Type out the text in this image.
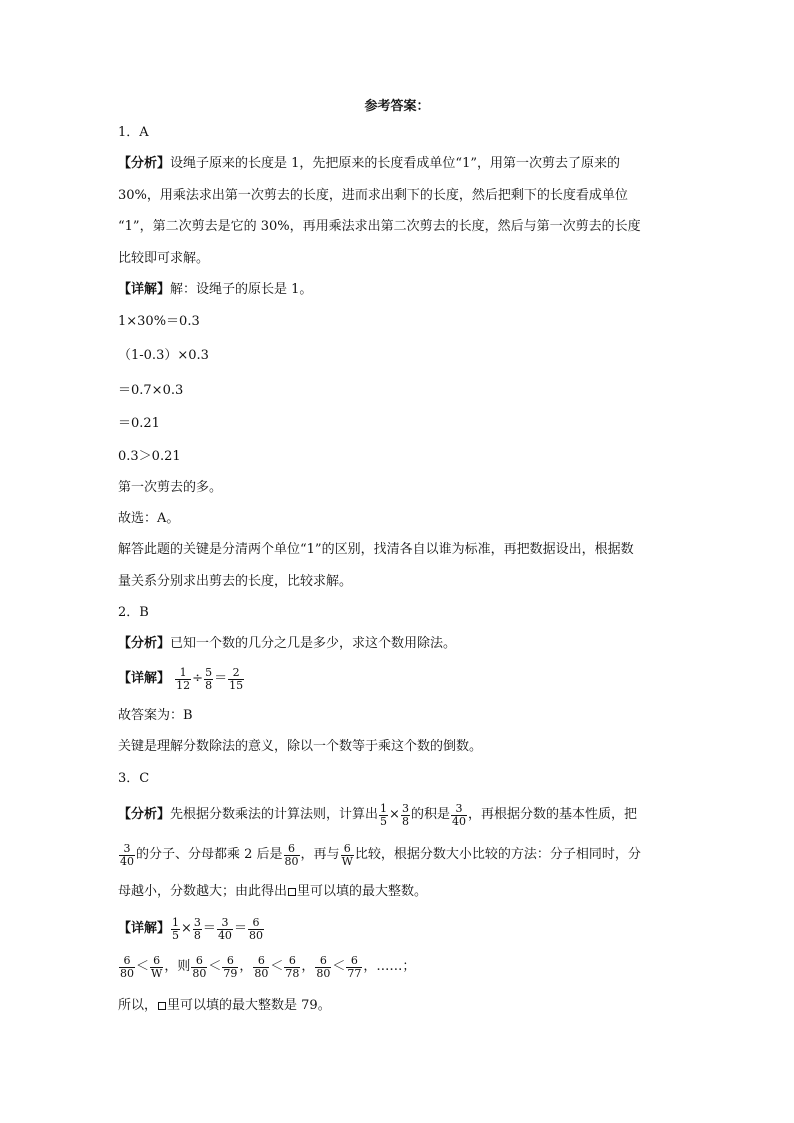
参考答案：
1．A
【分析】设绳子原来的长度是 1，先把原来的长度看成单位“1”，用第一次剪去了原来的
30%，用乘法求出第一次剪去的长度，进而求出剩下的长度，然后把剩下的长度看成单位
“1”，第二次剪去是它的 30%，再用乘法求出第二次剪去的长度，然后与第一次剪去的长度
比较即可求解。
【详解】解：设绳子的原长是 1。
1×30%＝0.3
（1-0.3）×0.3
＝0.7×0.3
＝0.21
0.3＞0.21
第一次剪去的多。
故选：A。
解答此题的关键是分清两个单位“1”的区别，找清各自以谁为标准，再把数据设出，根据数
量关系分别求出剪去的长度，比较求解。
2．B
【分析】已知一个数的几分之几是多少，求这个数用除法。
【详解】 $\frac{1}{12} \div \frac{5}{8} = \frac{2}{15}$
故答案为：B
关键是理解分数除法的意义，除以一个数等于乘这个数的倒数。
3．C
【分析】先根据分数乘法的计算法则，计算出 $\frac{1}{5} \times \frac{3}{8}$ 的积是 $\frac{3}{40}$ ，再根据分数的基本性质，把
$\frac{3}{40}$ 的分子、分母都乘 2 后是 $\frac{6}{80}$ ，再与 $\frac{6}{W}$ 比较，根据分数大小比较的方法：分子相同时，分
母越小，分数越大；由此得出 里可以填的最大整数。
【详解】 $\frac{1}{5} \times \frac{3}{8} = \frac{3}{40} = \frac{6}{80}$
$\frac{6}{80} < \frac{6}{W}$ ，则 $\frac{6}{80} < \frac{6}{79}$ ， $\frac{6}{80} < \frac{6}{78}$ ， $\frac{6}{80} < \frac{6}{77}$ ，……；
所以， 里可以填的最大整数是 79。
